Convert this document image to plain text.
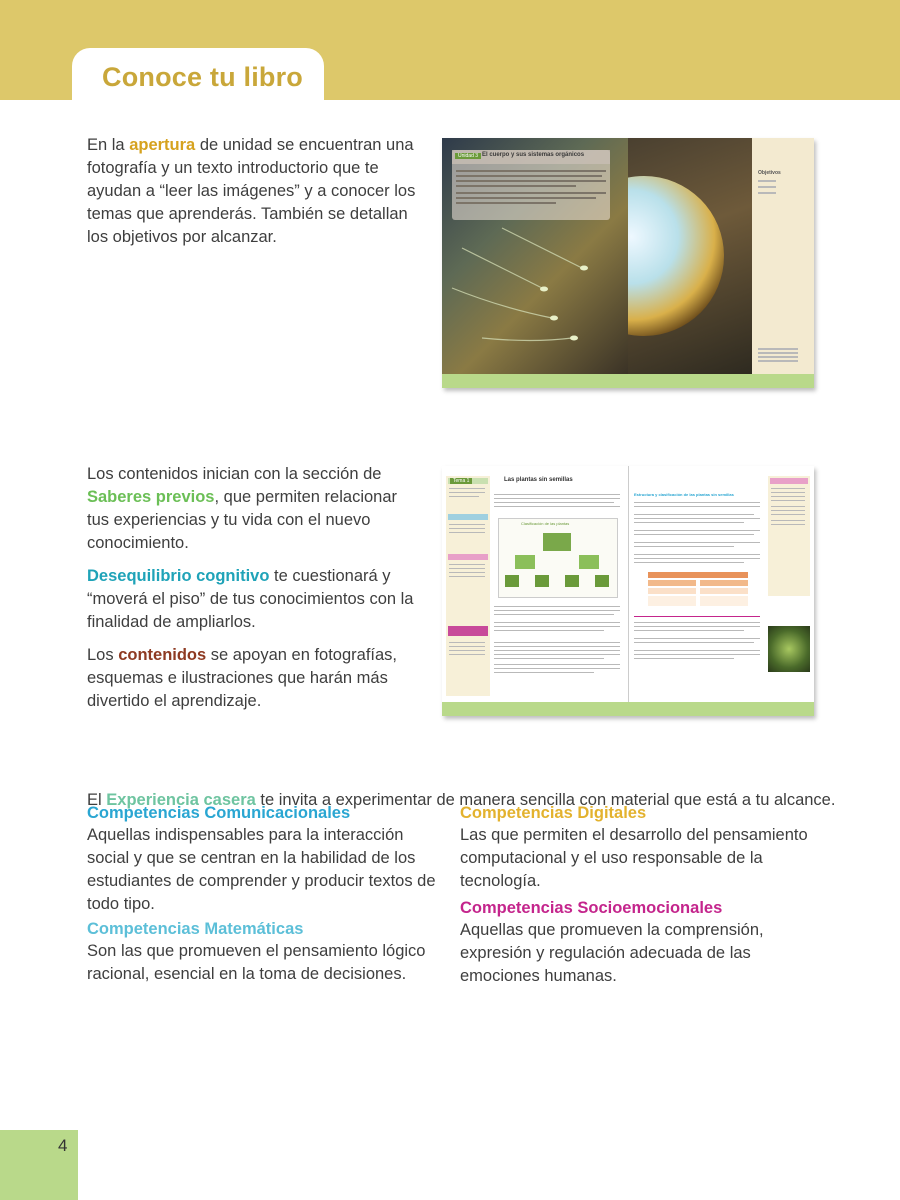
Conoce tu libro

En la apertura de unidad se encuentran una fotografía y un texto introductorio que te ayudan a “leer las imágenes” y a conocer los temas que aprenderás. También se detallan los objetivos por alcanzar.

Unidad 3 El cuerpo y sus sistemas orgánicos
Objetivos

Los contenidos inician con la sección de Saberes previos, que permiten relacionar tus experiencias y tu vida con el nuevo conocimiento.

Desequilibrio cognitivo te cuestionará y “moverá el piso” de tus conocimientos con la finalidad de ampliarlos.

Los contenidos se apoyan en fotografías, esquemas e ilustraciones que harán más divertido el aprendizaje.

Tema 1	Las plantas sin semillas
Clasificación de las plantas
Estructura y clasificación de las plantas sin semillas

El Experiencia casera te invita a experimentar de manera sencilla con material que está a tu alcance.

Competencias Comunicacionales

Aquellas indispensables para la interacción social y que se centran en la habilidad de los estudiantes de comprender y producir textos de todo tipo.

Competencias Matemáticas

Son las que promueven el pensamiento lógico racional, esencial en la toma de decisiones.

Competencias Digitales

Las que permiten el desarrollo del pensamiento computacional y el uso responsable de la tecnología.

Competencias Socioemocionales

Aquellas que promueven la comprensión, expresión y regulación adecuada de las emociones humanas.

4
